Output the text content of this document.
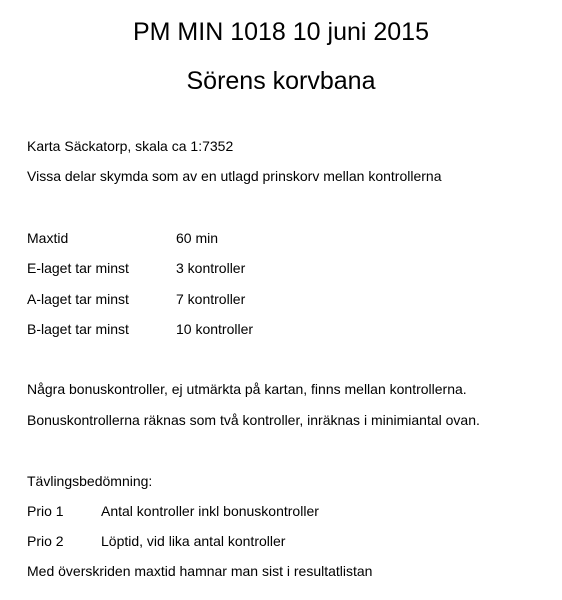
PM MIN 1018 10 juni 2015
Sörens korvbana
Karta Säckatorp, skala ca 1:7352
Vissa delar skymda som av en utlagd prinskorv mellan kontrollerna
Maxtid	60 min
E-laget tar minst	3 kontroller
A-laget tar minst	7 kontroller
B-laget tar minst	10 kontroller
Några bonuskontroller, ej utmärkta på kartan, finns mellan kontrollerna.
Bonuskontrollerna räknas som två kontroller, inräknas i minimiantal ovan.
Tävlingsbedömning:
Prio 1	Antal kontroller inkl bonuskontroller
Prio 2	Löptid, vid lika antal kontroller
Med överskriden maxtid hamnar man sist i resultatlistan
